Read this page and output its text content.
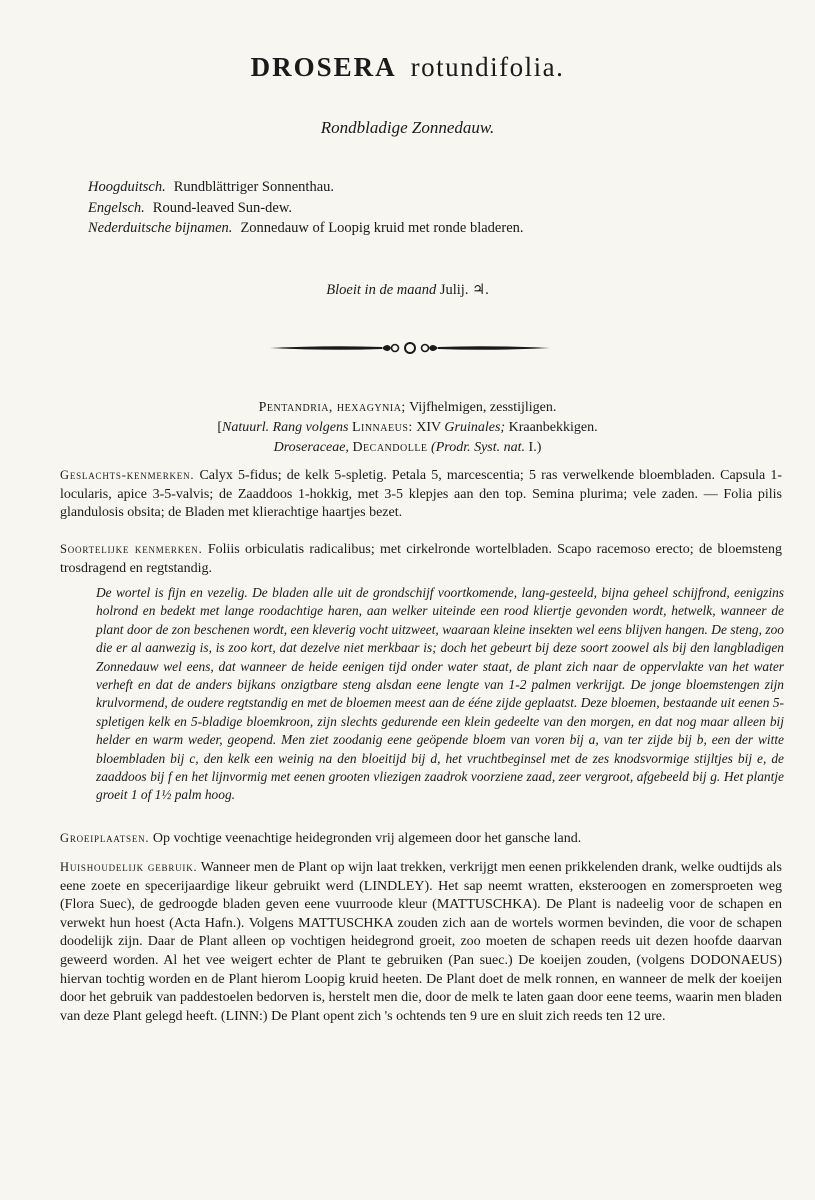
DROSERA rotundifolia.
Rondbladige Zonnedauw.
Hoogduitsch. Rundblättriger Sonnenthau.
Engelsch. Round-leaved Sun-dew.
Nederduitsche bijnamen. Zonnedauw of Loopig kruid met ronde bladeren.
Bloeit in de maand Julij. ♃.
Pentandria, hexagynia; Vijfhelmigen, zesstijligen.
[Natuurl. Rang volgens Linnaeus: XIV Gruinales; Kraanbekkigen.
Droseraceae, Decandolle (Prodr. Syst. nat. I.)
Geslachts-kenmerken. Calyx 5-fidus; de kelk 5-spletig. Petala 5, marcescentia; 5 ras verwelkende bloembladen. Capsula 1-locularis, apice 3-5-valvis; de Zaaddoos 1-hokkig, met 3-5 klepjes aan den top. Semina plurima; vele zaden. — Folia pilis glandulosis obsita; de Bladen met klierachtige haartjes bezet.
Soortelijke kenmerken. Foliis orbiculatis radicalibus; met cirkelronde wortelbladen. Scapo racemoso erecto; de bloemsteng trosdragend en regtstandig.
De wortel is fijn en vezelig. De bladen alle uit de grondschijf voortkomende, lang-gesteeld, bijna geheel schijfrond, eenigzins holrond en bedekt met lange roodachtige haren, aan welker uiteinde een rood kliertje gevonden wordt, hetwelk, wanneer de plant door de zon beschenen wordt, een kleverig vocht uitzweet, waaraan kleine insekten wel eens blijven hangen. De steng, zoo die er al aanwezig is, is zoo kort, dat dezelve niet merkbaar is; doch het gebeurt bij deze soort zoowel als bij den langbladigen Zonnedauw wel eens, dat wanneer de heide eenigen tijd onder water staat, de plant zich naar de oppervlakte van het water verheft en dat de anders bijkans onzigtbare steng alsdan eene lengte van 1-2 palmen verkrijgt. De jonge bloemstengen zijn krulvormend, de oudere regtstandig en met de bloemen meest aan de ééne zijde geplaatst. Deze bloemen, bestaande uit eenen 5-spletigen kelk en 5-bladige bloemkroon, zijn slechts gedurende een klein gedeelte van den morgen, en dat nog maar alleen bij helder en warm weder, geopend. Men ziet zoodanig eene geöpende bloem van voren bij a, van ter zijde bij b, een der witte bloembladen bij c, den kelk een weinig na den bloeitijd bij d, het vruchtbeginsel met de zes knodsvormige stijltjes bij e, de zaaddoos bij f en het lijnvormig met eenen grooten vliezigen zaadrok voorziene zaad, zeer vergroot, afgebeeld bij g. Het plantje groeit 1 of 1½ palm hoog.
Groeiplaatsen. Op vochtige veenachtige heidegronden vrij algemeen door het gansche land.
Huishoudelijk gebruik. Wanneer men de Plant op wijn laat trekken, verkrijgt men eenen prikkelenden drank, welke oudtijds als eene zoete en specerijaardige likeur gebruikt werd (LINDLEY). Het sap neemt wratten, eksteroogen en zomersproeten weg (Flora Suec), de gedroogde bladen geven eene vuurroode kleur (MATTUSCHKA). De Plant is nadeelig voor de schapen en verwekt hun hoest (Acta Hafn.). Volgens MATTUSCHKA zouden zich aan de wortels wormen bevinden, die voor de schapen doodelijk zijn. Daar de Plant alleen op vochtigen heidegrond groeit, zoo moeten de schapen reeds uit dezen hoofde daarvan geweerd worden. Al het vee weigert echter de Plant te gebruiken (Pan suec.) De koeijen zouden, (volgens DODONAEUS) hiervan tochtig worden en de Plant hierom Loopig kruid heeten. De Plant doet de melk ronnen, en wanneer de melk der koeijen door het gebruik van paddestoelen bedorven is, herstelt men die, door de melk te laten gaan door eene teems, waarin men bladen van deze Plant gelegd heeft. (LINN:) De Plant opent zich 's ochtends ten 9 ure en sluit zich reeds ten 12 ure.
